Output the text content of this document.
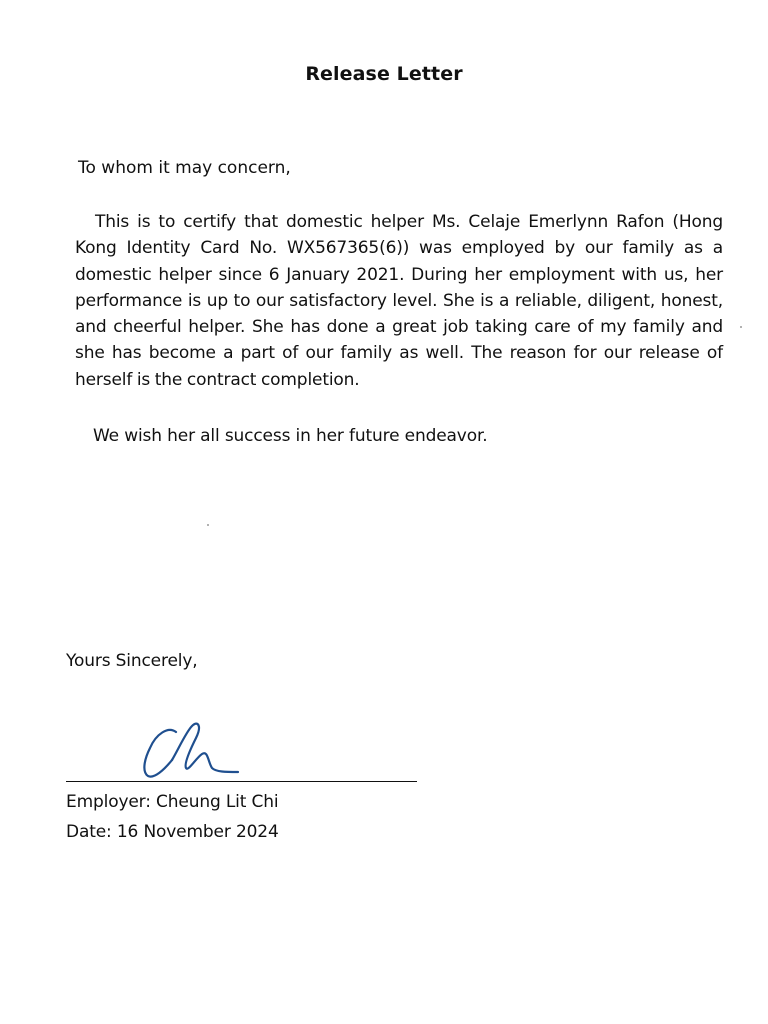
Release Letter
To whom it may concern,
This is to certify that domestic helper Ms. Celaje Emerlynn Rafon (Hong Kong Identity Card No. WX567365(6)) was employed by our family as a domestic helper since 6 January 2021. During her employment with us, her performance is up to our satisfactory level. She is a reliable, diligent, honest, and cheerful helper. She has done a great job taking care of my family and she has become a part of our family as well. The reason for our release of herself is the contract completion.
We wish her all success in her future endeavor.
Yours Sincerely,
Employer: Cheung Lit Chi
Date: 16 November 2024
